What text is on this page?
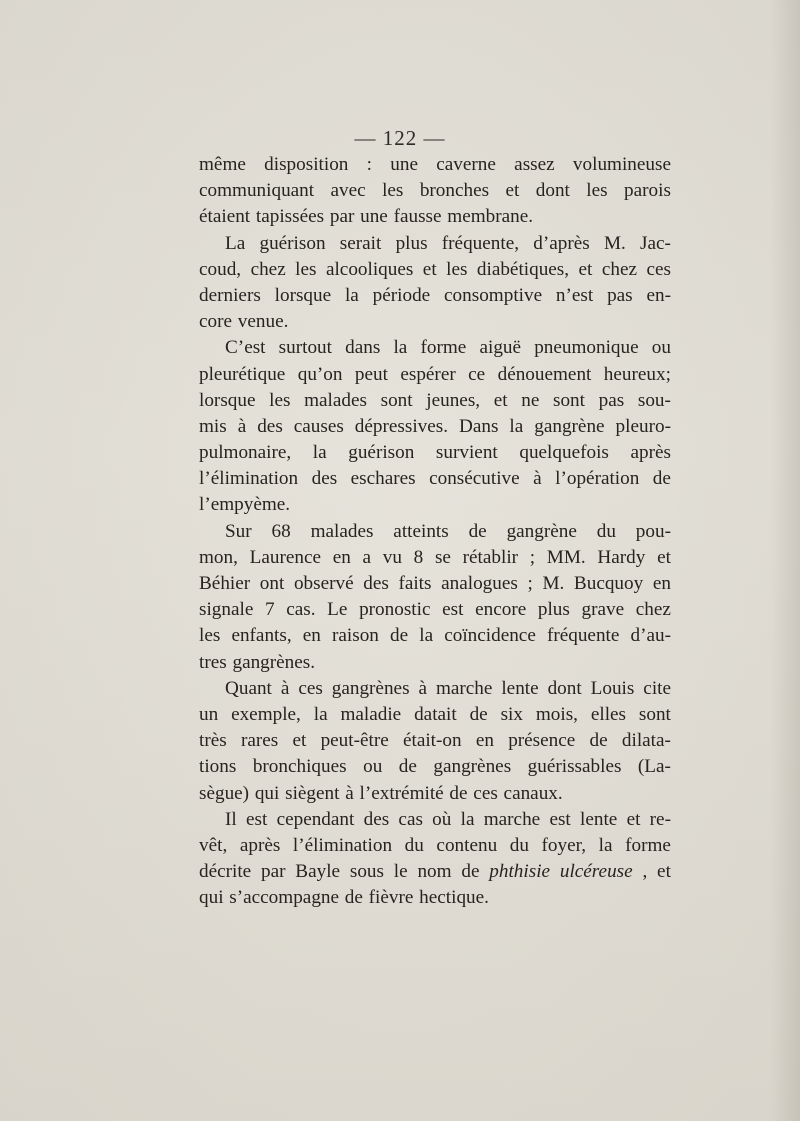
— 122 —
même disposition : une caverne assez volumineuse
communiquant avec les bronches et dont les parois
étaient tapissées par une fausse membrane.
La guérison serait plus fréquente, d’après M. Jac-
coud, chez les alcooliques et les diabétiques, et chez ces
derniers lorsque la période consomptive n’est pas en-
core venue.
C’est surtout dans la forme aiguë pneumonique ou
pleurétique qu’on peut espérer ce dénouement heureux;
lorsque les malades sont jeunes, et ne sont pas sou-
mis à des causes dépressives. Dans la gangrène pleuro-
pulmonaire, la guérison survient quelquefois après
l’élimination des eschares consécutive à l’opération de
l’empyème.
Sur 68 malades atteints de gangrène du pou-
mon, Laurence en a vu 8 se rétablir ; MM. Hardy et
Béhier ont observé des faits analogues ; M. Bucquoy en
signale 7 cas. Le pronostic est encore plus grave chez
les enfants, en raison de la coïncidence fréquente d’au-
tres gangrènes.
Quant à ces gangrènes à marche lente dont Louis cite
un exemple, la maladie datait de six mois, elles sont
très rares et peut-être était-on en présence de dilata-
tions bronchiques ou de gangrènes guérissables (La-
sègue) qui siègent à l’extrémité de ces canaux.
Il est cependant des cas où la marche est lente et re-
vêt, après l’élimination du contenu du foyer, la forme
décrite par Bayle sous le nom de phthisie ulcéreuse , et
qui s’accompagne de fièvre hectique.
